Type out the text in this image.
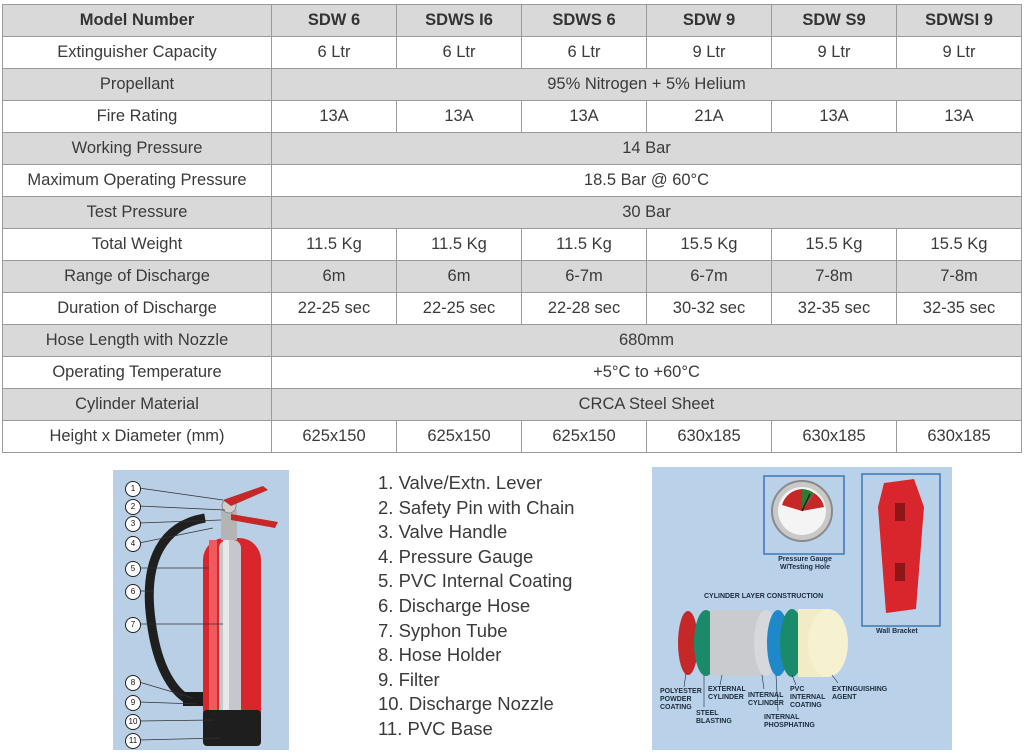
Model Number	SDW 6	SDWS I6	SDWS 6	SDW 9	SDW S9	SDWSI 9
Extinguisher Capacity	6 Ltr	6 Ltr	6 Ltr	9 Ltr	9 Ltr	9 Ltr
Propellant	95% Nitrogen + 5% Helium					
Fire Rating	13A	13A	13A	21A	13A	13A
Working Pressure	14 Bar					
Maximum Operating Pressure	18.5 Bar @ 60°C					
Test Pressure	30 Bar					
Total Weight	11.5 Kg	11.5 Kg	11.5 Kg	15.5 Kg	15.5 Kg	15.5 Kg
Range of Discharge	6m	6m	6-7m	6-7m	7-8m	7-8m
Duration of Discharge	22-25 sec	22-25 sec	22-28 sec	30-32 sec	32-35 sec	32-35 sec
Hose Length with Nozzle	680mm					
Operating Temperature	+5°C to +60°C					
Cylinder Material	CRCA Steel Sheet					
Height x Diameter (mm)	625x150	625x150	625x150	630x185	630x185	630x185
1
2
3
4
5
6
7
8
9
10
11
1. Valve/Extn. Lever
2. Safety Pin with Chain
3. Valve Handle
4. Pressure Gauge
5. PVC Internal Coating
6. Discharge Hose
7. Syphon Tube
8. Hose Holder
9. Filter
10. Discharge Nozzle
11. PVC Base
Pressure Gauge W/Testing Hole
Wall Bracket
CYLINDER LAYER CONSTRUCTION
POLYESTER POWDER COATING
STEEL BLASTING
EXTERNAL CYLINDER INTERNAL CYLINDER
INTERNAL PHOSPHATING
PVC INTERNAL COATING
EXTINGUISHING AGENT
